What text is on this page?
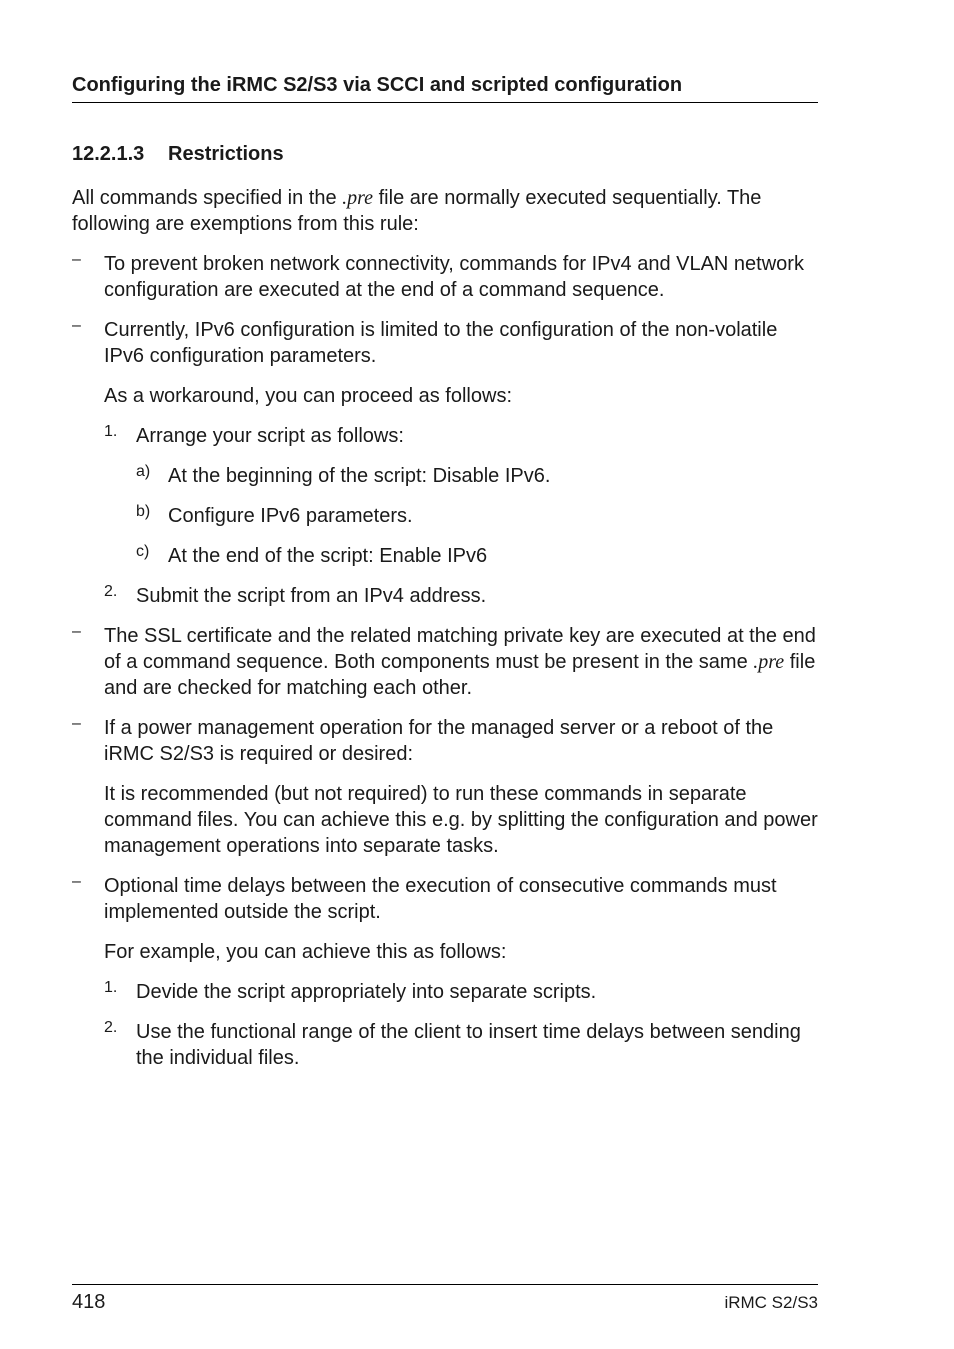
Configuring the iRMC S2/S3 via SCCI and scripted configuration
12.2.1.3 Restrictions

All commands specified in the .pre file are normally executed sequentially. The following are exemptions from this rule:

– To prevent broken network connectivity, commands for IPv4 and VLAN network configuration are executed at the end of a command sequence.

– Currently, IPv6 configuration is limited to the configuration of the non-volatile IPv6 configuration parameters.

As a workaround, you can proceed as follows:

1. Arrange your script as follows:

a) At the beginning of the script: Disable IPv6.

b) Configure IPv6 parameters.

c) At the end of the script: Enable IPv6

2. Submit the script from an IPv4 address.

– The SSL certificate and the related matching private key are executed at the end of a command sequence. Both components must be present in the same .pre file and are checked for matching each other.

– If a power management operation for the managed server or a reboot of the iRMC S2/S3 is required or desired:

It is recommended (but not required) to run these commands in separate command files. You can achieve this e.g. by splitting the configuration and power management operations into separate tasks.

– Optional time delays between the execution of consecutive commands must implemented outside the script.

For example, you can achieve this as follows:

1. Devide the script appropriately into separate scripts.

2. Use the functional range of the client to insert time delays between sending the individual files.

418	iRMC S2/S3
